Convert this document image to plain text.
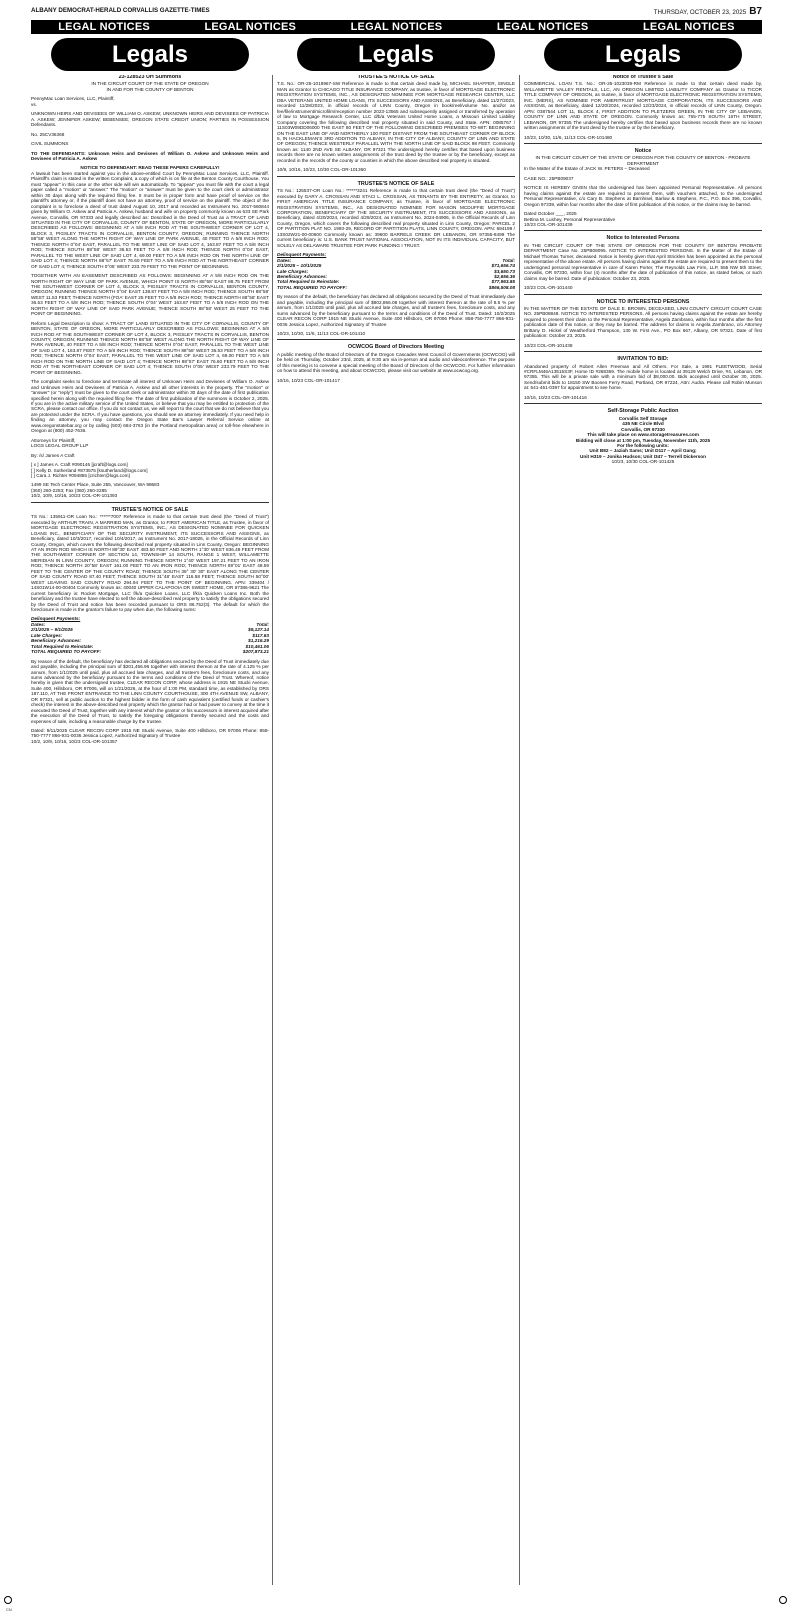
ALBANY DEMOCRAT-HERALD CORVALLIS GAZETTE-TIMES	THURSDAY, OCTOBER 23, 2025 B7
LEGAL NOTICES	LEGAL NOTICES	LEGAL NOTICES	LEGAL NOTICES	LEGAL NOTICES
Legals	Legals	Legals
23-128523 UH Summons
IN THE CIRCUIT COURT OF THE STATE OF OREGON
IN AND FOR THE COUNTY OF BENTON
PennyMac Loan Services, LLC, Plaintiff,
vs.
UNKNOWN HEIRS AND DEVISEES OF WILLIAM O. ASKEW; UNKNOWN HEIRS AND DEVISEES OF PATRICIA A. ASKEW; JENNIFER ASKEW; BEBENSEE; OREGON STATE CREDIT UNION; PARTIES IN POSSESSION Defendants.
No. 25CV36368
CIVIL SUMMONS
TO THE DEFENDANTS: Unknown Heirs and Devisees of William O. Askew and Unknown Heirs and Devisees of Patricia A. Askew
NOTICE TO DEFENDANT: READ THESE PAPERS CAREFULLY!
A lawsuit has been started against you in the above-entitled Court by PennyMac Loan Services, LLC, Plaintiff. Plaintiff's claim is stated in the written Complaint, a copy of which is on file at the Benton County Courthouse. You must "appear" in this case or the other side will win automatically. To "appear" you must file with the court a legal paper called a "motion" or "answer." The "motion" or "answer" must be given to the court clerk or administrator within 30 days along with the required filing fee. It must be in proper form and have proof of service on the plaintiff's attorney or, if the plaintiff does not have an attorney, proof of service on the plaintiff. The object of the complaint is to foreclose a deed of trust dated August 10, 2017 and recorded as Instrument No. 2017-560844 given by William O. Askew and Patricia A. Askew, husband and wife on property commonly known as 633 SE Park Avenue, Corvallis, OR 97333 and legally described as: Described in the Deed of Trust as a TRACT OF LAND SITUATED IN THE CITY OF CORVALLIS, COUNTY OF BENTON, STATE OF OREGON, MORE PARTICULARLY DESCRIBED AS FOLLOWS: BEGINNING AT A 5/8 INCH ROD AT THE SOUTHWEST CORNER OF LOT 4, BLOCK 3, PIGSLEY TRACTS IN CORVALLIS, BENTON COUNTY, OREGON; RUNNING THENCE NORTH 88°58' WEST ALONG THE NORTH RIGHT OF WAY LINE OF PARK AVENUE, 40 FEET TO A 5/8 INCH ROD; THENCE NORTH 0°04' EAST, PARALLEL TO THE WEST LINE OF SAID LOT 4, 163.87 FEET TO A 5/8 INCH ROD; THENCE SOUTH 88°58' WEST 36.53 FEET TO A 5/8 INCH ROD; THENCE NORTH 0°04' EAST, PARALLEL TO THE WEST LINE OF SAID LOT 4, 69.00 FEET TO A 5/8 INCH ROD ON THE NORTH LINE OF SAID LOT 4; THENCE NORTH 88°57' EAST 76.60 FEET TO A 5/8 INCH ROD AT THE NORTHEAST CORNER OF SAID LOT 4; THENCE SOUTH 0°05' WEST 233.79 FEET TO THE POINT OF BEGINNING.
TOGETHER WITH AN EASEMENT DESCRIBED AS FOLLOWS: BEGINNING AT A 5/8 INCH ROD ON THE NORTH RIGHT OF WAY LINE OF PARK AVENUE, WHICH POINT IS NORTH 88°58' EAST 88.75 FEET FROM THE SOUTHWEST CORNER OF LOT 4, BLOCK 3, PIGSLEY TRACTS IN CORVALLIS, BENTON COUNTY, OREGON; RUNNING THENCE NORTH 0°04' EAST 138.87 FEET TO A 5/8 INCH ROD; THENCE SOUTH 88°58' WEST 11.53 FEET; THENCE NORTH (FOA' EAST 25 FEET TO A 5/8 INCH ROD; THENCE NORTH 88°58' EAST 36.53 FEET TO A 5/8 INCH ROD; THENCE SOUTH 0°04' WEST 163.87 FEET TO A 5/8 INCH ROD ON THE NORTH RIGHT OF WAY LINE OF SAID PARK AVENUE; THENCE SOUTH 88°58' WEST 25 FEET TO THE POINT OF BEGINNING.
Reform Legal Description to show: A TRACT OF LAND SITUATED IN THE CITY OF CORVALLIS, COUNTY OF BENTON, STATE OF OREGON, MORE PARTICULARLY DESCRIBED AS FOLLOWS: BEGINNING AT A 5/8 INCH ROD AT THE SOUTHWEST CORNER OF LOT 4, BLOCK 3, PIGSLEY TRACTS IN CORVALLIS, BENTON COUNTY, OREGON; RUNNING THENCE NORTH 88°58' WEST ALONG THE NORTH RIGHT OF WAY LINE OF PARK AVENUE, 40 FEET TO A 5/8 INCH ROD; THENCE NORTH 0°04' EAST, PARALLEL TO THE WEST LINE OF SAID LOT 4, 163.87 FEET TO A 5/8 INCH ROD; THENCE SOUTH 88°58' WEST 36.53 FEET TO A 5/8 INCH ROD; THENCE NORTH 0°04' EAST, PARALLEL TO THE WEST LINE OF SAID LOT 4, 69.00 FEET TO A 5/8 INCH ROD ON THE NORTH LINE OF SAID LOT 4; THENCE NORTH 88°57' EAST 76.60 FEET TO A 5/8 INCH ROD AT THE NORTHEAST CORNER OF SAID LOT 4; THENCE SOUTH 0°05' WEST 233.79 FEET TO THE POINT OF BEGINNING.
The complaint seeks to foreclose and terminate all interest of Unknown Heirs and Devisees of William O. Askew and Unknown Heirs and Devisees of Patricia A. Askew and all other interests in the property. The "motion" or "answer" (or "reply") must be given to the court clerk or administrator within 30 days of the date of first publication specified herein along with the required filing fee. The date of first publication of the summons is October 2, 2025. If you are in the active military service of the United States, or believe that you may be entitled to protection of the SCRA, please contact our office. If you do not contact us, we will report to the court that we do not believe that you are protected under the SCRA. If you have questions, you should see an attorney immediately. If you need help in finding an attorney, you may contact the Oregon State Bar's Lawyer Referral Service online at www.oregonstatebar.org or by calling (503) 684-3763 (in the Portland metropolitan area) or toll-free elsewhere in Oregon at (800) 452-7636.
Attorneys for Plaintiff,
LOGS LEGAL GROUP LLP
By: /s/ James A Craft
[ x ] James A. Craft #090146 [jcraft@logs.com]
[ ] Kelly D. Sutherland #873575 [ksutherland@logs.com]
[ ] Cara J. Richter #094855 [crichter@logs.com]
1499 SE Tech Center Place, Suite 255, Vancouver, WA 98683
(360) 260-2253; Fax (360) 260-2285
10/2, 10/9, 10/16, 10/23 COL-OR-101393
TRUSTEE'S NOTICE OF SALE
TS No.: 135911-OR Loan No.: ******7007 Reference is made to that certain trust deed (the "Deed of Trust") executed by ARTHUR TRAIN, A MARRIED MAN, as Grantor, to FIRST AMERICAN TITLE, as Trustee, in favor of MORTGAGE ELECTRONIC REGISTRATION SYSTEMS, INC., AS DESIGNATED NOMINEE FOR QUICKEN LOANS INC., BENEFICIARY OF THE SECURITY INSTRUMENT, ITS SUCCESSORS AND ASSIGNS, as Beneficiary, dated 10/3/2017, recorded 10/4/2017, as Instrument No. 2017-18026, in the Official Records of Linn County, Oregon, which covers the following described real property situated in Linn County, Oregon: BEGINNING AT AN IRON ROD WHICH IS NORTH 89°30' EAST 483.50 FEET AND NORTH 1°30' WEST 836.49 FEET FROM THE SOUTHWEST CORNER OF SECTION 14, TOWNSHIP 14 SOUTH, RANGE 1 WEST, WILLAMETTE MERIDIAN IN LINN COUNTY, OREGON; RUNNING THENCE NORTH 1°40' WEST 197.21 FEET TO AN IRON ROD; THENCE NORTH 20°58' EAST 161.00 FEET TO AN IRON ROD; THENCE NORTH 89°01' EAST 48.59 FEET TO THE CENTER OF THE COUNTY ROAD; THENCE SOUTH 38° 30' 30" EAST ALONG THE CENTER OF SAID COUNTY ROAD 87.40 FEET; THENCE SOUTH 31°48' EAST 116.58 FEET; THENCE SOUTH 50°00' WEST LEAVING SAID COUNTY ROAD 294.94 FEET TO THE POINT OF BEGINNING. APN: 339404 / 14S01W14-00-00404 Commonly known as: 40040 UPPER CALAPOOIA DR SWEET HOME, OR 97386-9621 The current beneficiary is: Rocket Mortgage, LLC f/k/a Quicken Loans, LLC f/k/a Quicken Loans Inc. Both the beneficiary and the trustee have elected to sell the above-described real property to satisfy the obligations secured by the Deed of Trust and notice has been recorded pursuant to ORS 86.752(3). The default for which the foreclosure is made is the grantor's failure to pay when due, the following sums:
Delinquent Payments:
Dates:	Total:
2/1/2025 – 9/1/2025	$9,127.14
Late Charges:	$117.63
Beneficiary Advances:	$1,216.29
Total Required to Reinstate:	$10,461.06
TOTAL REQUIRED TO PAYOFF:	$207,873.21
By reason of the default, the beneficiary has declared all obligations secured by the Deed of Trust immediately due and payable, including the principal sum of $201,456.96 together with interest thereon at the rate of 4.125 % per annum, from 1/1/2025 until paid, plus all accrued late charges, and all trustee's fees, foreclosure costs, and any sums advanced by the beneficiary pursuant to the terms and conditions of the Deed of Trust. Whereof, notice hereby is given that the undersigned trustee, CLEAR RECON CORP, whose address is 1915 NE Stucki Avenue, Suite 400, Hillsboro, OR 97006, will on 1/21/2026, at the hour of 1:00 PM, standard time, as established by ORS 187.110, AT THE FRONT ENTRANCE TO THE LINN COUNTY COURTHOUSE, 300 4TH AVENUE SW, ALBANY, OR 97321, sell at public auction to the highest bidder in the form of cash equivalent (certified funds or cashier's check) the interest in the above-described real property which the grantor had or had power to convey at the time it executed the Deed of Trust, together with any interest which the grantor or his successors in interest acquired after the execution of the Deed of Trust, to satisfy the foregoing obligations thereby secured and the costs and expenses of sale, including a reasonable charge by the trustee.
Dated: 9/11/2025 CLEAR RECON CORP 1915 NE Stucki Avenue, Suite 400 Hillsboro, OR 97006 Phone: 858-750-7777 866-931-0036 Jessica Lopez, Authorized Signatory of Trustee
10/2, 10/9, 10/16, 10/23 COL-OR-101357
TRUSTEE'S NOTICE OF SALE
T.S. No.: OR-25-1018967-SW Reference is made to that certain deed made by, MICHAEL SHAFFER, SINGLE MAN as Grantor to CHICAGO TITLE INSURANCE COMPANY, as trustee, in favor of MORTGAGE ELECTRONIC REGISTRATION SYSTEMS, INC., AS DESIGNATED NOMINEE FOR MORTGAGE RESEARCH CENTER, LLC DBA VETERANS UNITED HOME LOANS, ITS SUCCESSORS AND ASSIGNS, as Beneficiary, dated 11/27/2023, recorded 11/28/2023, in official records of LINN County, Oregon in book/reel/volume No. and/or as fee/file/instrument/microfilm/reception number 2023-13565 and subsequently assigned or transferred by operation of law to Mortgage Research Center, LLC d/b/a Veterans United Home Loans, a Missouri Limited Liability Company covering the following described real property situated in said County, and State. APN: 0085767 / 11S03W09DD06000 THE EAST 80 FEET OF THE FOLLOWING DESCRIBED PREMISES TO-WIT: BEGINNING ON THE EAST LINE OF AND NORTHERLY 100 FEET DISTANT FROM THE SOUTHEAST CORNER OF BLOCK 5, IN HACKLEMAN'S 3RD ADDITION TO ALBANY, IN THE CITY OF ALBANY, COUNTY OF LINN AND STATE OF OREGON; THENCE WESTERLY PARALLEL WITH THE NORTH LINE OF SAID BLOCK 98 FEET. Commonly known as: 1140 2ND AVE SE ALBANY, OR 97321 The undersigned hereby certifies that based upon business records there are no known written assignments of the trust deed by the trustee or by the beneficiary, except as recorded in the records of the county or counties in which the above described real property is situated.
10/9, 10/16, 10/23, 10/30 COL-OR-101360
TRUSTEE'S NOTICE OF SALE
TS No.: 125537-OR Loan No.: ******3241 Reference is made to that certain trust deed (the "Deed of Trust") executed by GARY A. CROSSAN AND STACI L. CROSSAN, AS TENANTS BY THE ENTIRETY, as Grantor, to FIRST AMERICAN TITLE INSURANCE COMPANY, as Trustee, in favor of MORTGAGE ELECTRONIC REGISTRATION SYSTEMS, INC., AS DESIGNATED NOMINEE FOR MASON MCDUFFIE MORTGAGE CORPORATION, BENEFICIARY OF THE SECURITY INSTRUMENT, ITS SUCCESSORS AND ASSIGNS, as Beneficiary, dated 4/20/2024, recorded 4/29/2024, as Instrument No. 2024-04906, in the Official Records of Linn County, Oregon, which covers the following described real property situated in Linn County, Oregon: PARCEL 2 OF PARTITION PLAT NO. 1993-29, RECORD OF PARTITION PLATS, LINN COUNTY, OREGON. APN: 694199 / 13S02W21-00-00600 Commonly known as: 39600 BARRELS CREEK DR LEBANON, OR 97355-8499 The current beneficiary is: U.S. BANK TRUST NATIONAL ASSOCIATION, NOT IN ITS INDIVIDUAL CAPACITY, BUT SOLELY AS DELAWARE TRUSTEE FOR PARK FUNDING I TRUST.
Delinquent Payments:
Dates:	Total:
2/1/2025 – 10/1/2025	$71,656.74
Late Charges:	$3,650.73
Beneficiary Advances:	$2,656.36
Total Required to Reinstate:	$77,963.85
TOTAL REQUIRED TO PAYOFF:	$866,508.08
By reason of the default, the beneficiary has declared all obligations secured by the Deed of Trust immediately due and payable, including the principal sum of $802,866.08 together with interest thereon at the rate of 8.5 % per annum, from 1/1/2025 until paid, plus all accrued late charges, and all trustee's fees, foreclosure costs, and any sums advanced by the beneficiary pursuant to the terms and conditions of the Deed of Trust. Dated: 10/2/2025 CLEAR RECON CORP 1915 NE Stucki Avenue, Suite 400 Hillsboro, OR 97006 Phone: 858-750-7777 866-931-0036 Jessica Lopez, Authorized Signatory of Trustee
10/23, 10/30, 11/6, 11/13 COL-OR-101410
OCWCOG Board of Directors Meeting
A public meeting of the Board of Directors of the Oregon Cascades West Council of Governments (OCWCOG) will be held on Thursday, October 23rd, 2025, at 9:30 am via in-person and audio and videoconference. The purpose of this meeting is to convene a special meeting of the Board of Directors of the OCWCOG. For further information on how to attend this meeting, and about OCWCOG, please visit our website at www.ocwcog.org.
10/16, 10/23 COL-OR-101417
Notice of Trustee's Sale
COMMERCIAL LOAN T.S. No.: OR-25-1023039-RM Reference is made to that certain deed made by, WILLAMETTE VALLEY RENTALS, LLC, AN OREGON LIMITED LIABILITY COMPANY as Grantor to TICOR TITLE COMPANY OF OREGON, as trustee, in favor of MORTGAGE ELECTRONIC REGISTRATION SYSTEMS, INC. (MERS), AS NOMINEE FOR AMERITRUST MORTGAGE CORPORATION, ITS SUCCESSORS AND ASSIGNS, as Beneficiary, dated 12/20/2024, recorded 12/23/2024, in official records of LINN County, Oregon. APN: 0387544 LOT 11, BLOCK 4, FIRST ADDITION TO PLETZERS GREEN, IN THE CITY OF LEBANON, COUNTY OF LINN AND STATE OF OREGON. Commonly known as: 765-775 SOUTH 16TH STREET, LEBANON, OR 97355 The undersigned hereby certifies that based upon business records there are no known written assignments of the trust deed by the trustee or by the beneficiary.
10/23, 10/30, 11/6, 11/13 COL-OR-101480
Notice
IN THE CIRCUIT COURT OF THE STATE OF OREGON FOR THE COUNTY OF BENTON - PROBATE DEPARTMENT
In the Matter of the Estate of JACK W. PETERS – Deceased
CASE NO.: 25PB09037
NOTICE IS HEREBY GIVEN that the undersigned has been appointed Personal Representative. All persons having claims against the estate are required to present them, with vouchers attached, to the undersigned Personal Representative, c/o Cary B. Stephens at Barnhisel, Barlow & Stephens, P.C., P.O. Box 396, Corvallis, Oregon 97339, within four months after the date of first publication of this notice, or the claims may be barred.
Dated October ___, 2025
Bettina M. Lushey, Personal Representative
10/23 COL-OR-101439
Notice to Interested Persons
IN THE CIRCUIT COURT OF THE STATE OF OREGON FOR THE COUNTY OF BENTON PROBATE DEPARTMENT Case No. 25PB08095. NOTICE TO INTERESTED PERSONS. In the Matter of the Estate of Michael Thomas Turner, deceased. Notice is hereby given that April Stricklen has been appointed as the personal representative of the above estate. All persons having claims against the estate are required to present them to the undersigned personal representative in care of Karen Porter, The Reynolds Law Firm, LLP, 555 NW 5th Street, Corvallis, OR 97330, within four (4) months after the date of publication of this notice, as stated below, or such claims may be barred. Date of publication: October 23, 2025.
10/23 COL-OR-101440
NOTICE TO INTERESTED PERSONS
IN THE MATTER OF THE ESTATE OF DALE E. BROWN, DECEASED, LINN COUNTY CIRCUIT COURT CASE NO. 25PB08848. NOTICE TO INTERESTED PERSONS. All persons having claims against the estate are hereby required to present their claim to the Personal Representative, Angela Zambrano, within four months after the first publication date of this notice, or they may be barred. The address for claims is Angela Zambrano, c/o Attorney Brittany D. Hickel of Weatherford Thompson, 130 W. First Ave., PO Box 667, Albany, OR 97321. Date of first publication: October 23, 2025.
10/23 COL-OR-101438
INVITATION TO BID:
Abandoned property of Robert Allen Freeman and All Others. For Sale, a 1991 FLEETWOOD, Serial #CRFLM46A13515S3F, Home ID #268369. The mobile home is located at 39129 Welch Drive, #4, Lebanon, OR 97355. This will be a private sale with a minimum bid of $8,000.00. Bids accepted until October 30, 2025. Send/submit bids to 18150 SW Boones Ferry Road, Portland, OR 97224, Attn: Audra. Please call Robin Munson at: 541-451-0397 for appointment to see home.
10/16, 10/23 COL-OR-101416
Self-Storage Public Auction
Corvallis Self Storage
435 NE Circle Blvd
Corvallis, OR 97330
This will take place on www.storagetreasures.com
Bidding will close at 1:00 pm, Tuesday, November 11th, 2025
For the following units:
Unit B82 – Jaziah Sams; Unit D117 – April Gang;
Unit H319 – Jonika Hudson; Unit I347 – Terrell Dickerson
10/23, 10/30 COL-OR-101425
CN
